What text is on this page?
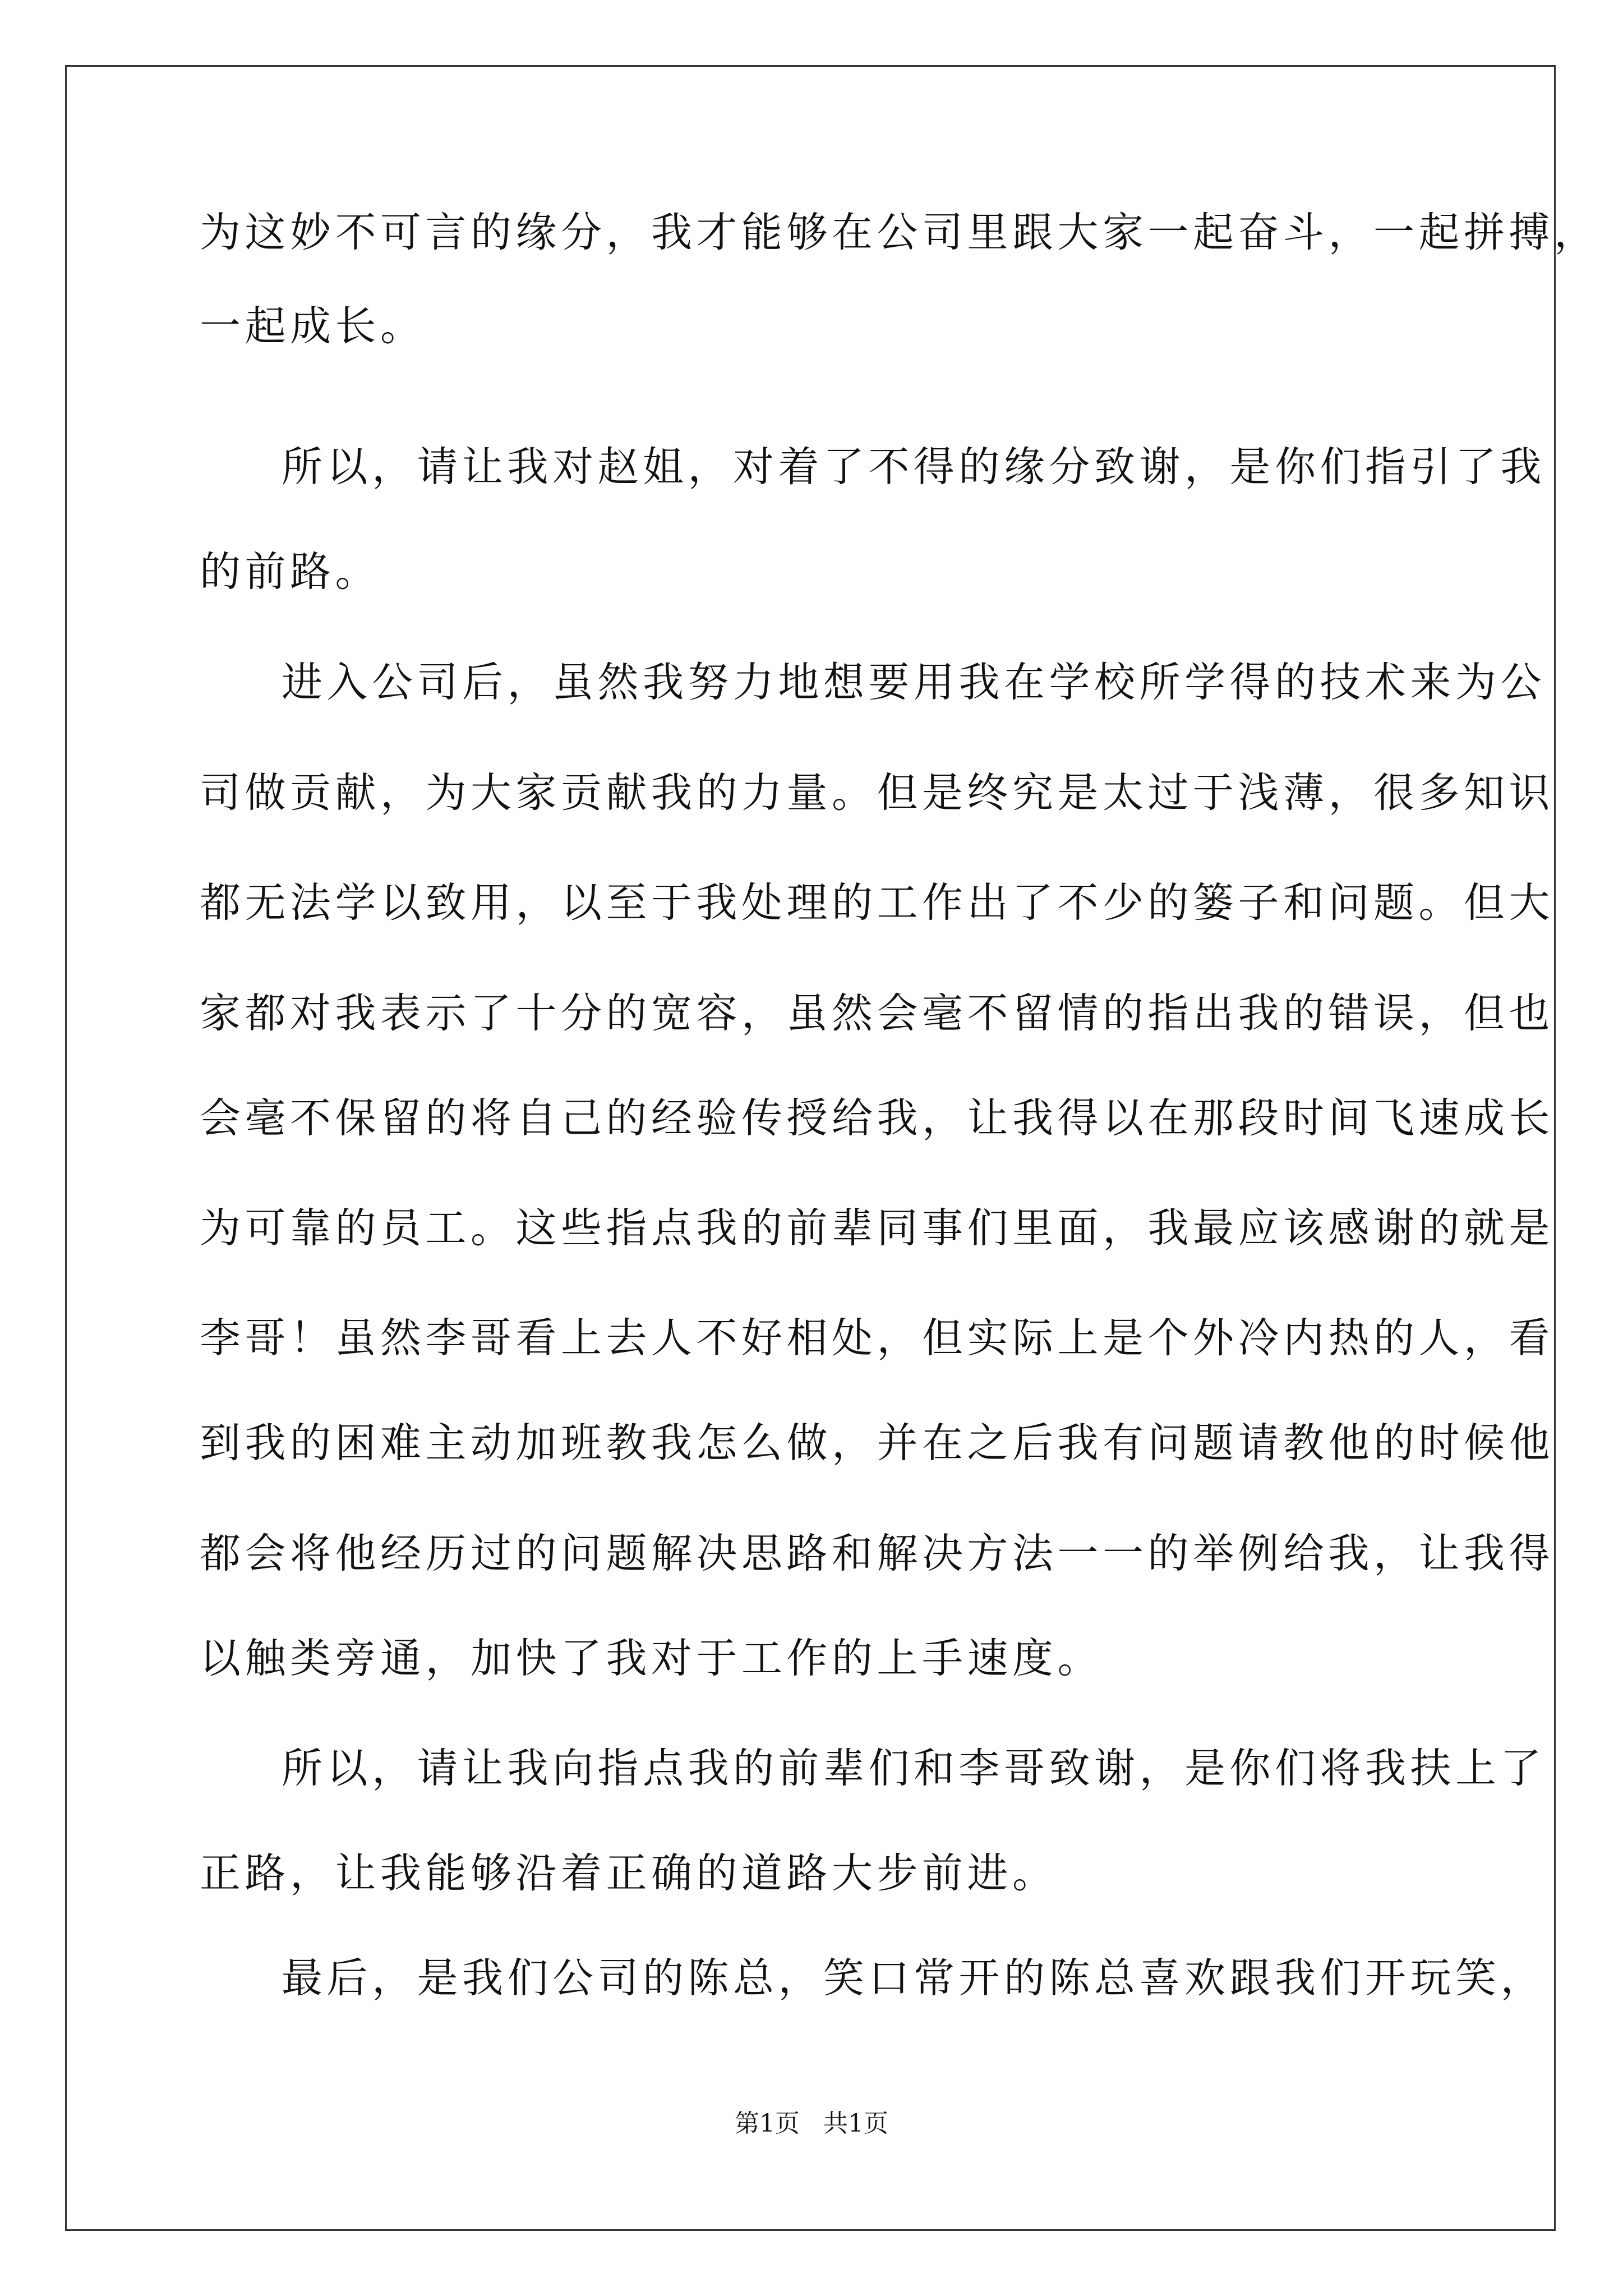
为这妙不可言的缘分，我才能够在公司里跟大家一起奋斗，一起拼搏，
一起成长。
所以，请让我对赵姐，对着了不得的缘分致谢，是你们指引了我
的前路。
进入公司后，虽然我努力地想要用我在学校所学得的技术来为公
司做贡献，为大家贡献我的力量。但是终究是太过于浅薄，很多知识
都无法学以致用，以至于我处理的工作出了不少的篓子和问题。但大
家都对我表示了十分的宽容，虽然会毫不留情的指出我的错误，但也
会毫不保留的将自己的经验传授给我，让我得以在那段时间飞速成长
为可靠的员工。这些指点我的前辈同事们里面，我最应该感谢的就是
李哥！虽然李哥看上去人不好相处，但实际上是个外冷内热的人，看
到我的困难主动加班教我怎么做，并在之后我有问题请教他的时候他
都会将他经历过的问题解决思路和解决方法一一的举例给我，让我得
以触类旁通，加快了我对于工作的上手速度。
所以，请让我向指点我的前辈们和李哥致谢，是你们将我扶上了
正路，让我能够沿着正确的道路大步前进。
最后，是我们公司的陈总，笑口常开的陈总喜欢跟我们开玩笑，
第1页   共1页
